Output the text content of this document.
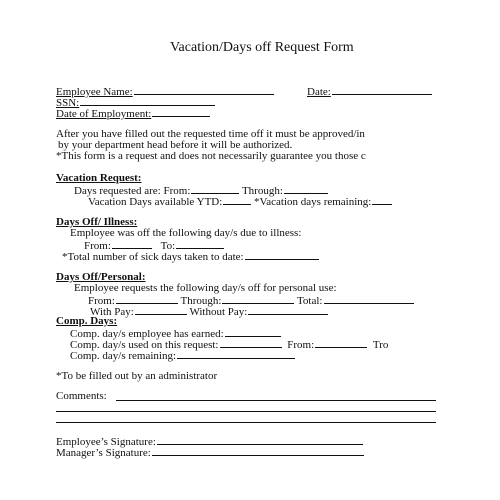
Vacation/Days off Request Form
Employee Name:	Date:
SSN:
Date of Employment:
After you have filled out the requested time off it must be approved/in
by your department head before it will be authorized.
*This form is a request and does not necessarily guarantee you those c
Vacation Request:
Days requested are: From:	Through:
Vacation Days available YTD:	*Vacation days remaining:
Days Off/ Illness:
Employee was off the following day/s due to illness:
From:	To:
*Total number of sick days taken to date:
Days Off/Personal:
Employee requests the following day/s off for personal use:
From:	Through:	Total:
With Pay:	Without Pay:
Comp. Days:
Comp. day/s employee has earned:
Comp. day/s used on this request:	From:	Tro
Comp. day/s remaining:
*To be filled out by an administrator
Comments:
Employee’s Signature:
Manager’s Signature:
